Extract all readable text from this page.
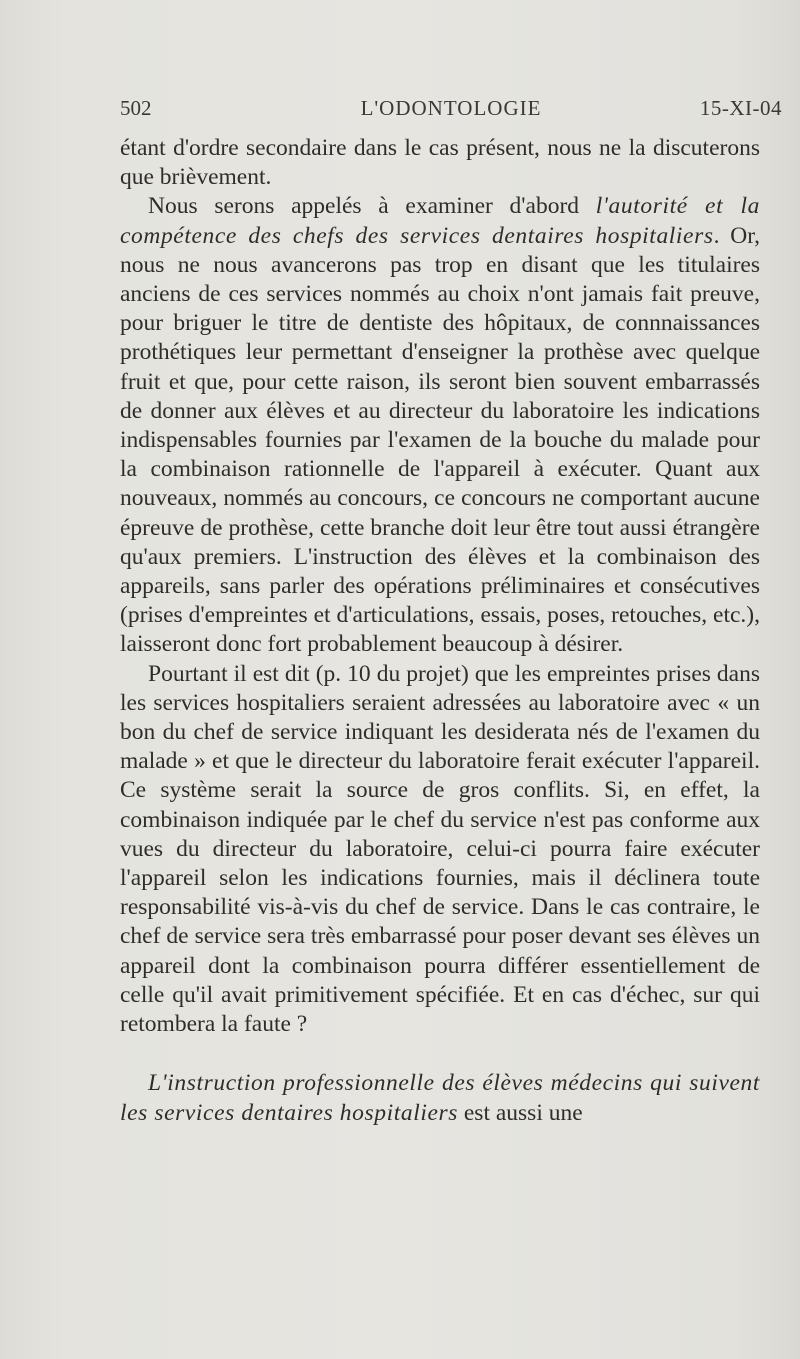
502	L'ODONTOLOGIE	15-XI-04

étant d'ordre secondaire dans le cas présent, nous ne la discuterons que brièvement.

Nous serons appelés à examiner d'abord l'autorité et la compétence des chefs des services dentaires hospitaliers. Or, nous ne nous avancerons pas trop en disant que les titulaires anciens de ces services nommés au choix n'ont jamais fait preuve, pour briguer le titre de dentiste des hôpitaux, de connnaissances prothétiques leur permettant d'enseigner la prothèse avec quelque fruit et que, pour cette raison, ils seront bien souvent embarrassés de donner aux élèves et au directeur du laboratoire les indications indispensables fournies par l'examen de la bouche du malade pour la combinaison rationnelle de l'appareil à exécuter. Quant aux nouveaux, nommés au concours, ce concours ne comportant aucune épreuve de prothèse, cette branche doit leur être tout aussi étrangère qu'aux premiers. L'instruction des élèves et la combinaison des appareils, sans parler des opérations préliminaires et consécutives (prises d'empreintes et d'articulations, essais, poses, retouches, etc.), laisseront donc fort probablement beaucoup à désirer.

Pourtant il est dit (p. 10 du projet) que les empreintes prises dans les services hospitaliers seraient adressées au laboratoire avec « un bon du chef de service indiquant les desiderata nés de l'examen du malade » et que le directeur du laboratoire ferait exécuter l'appareil. Ce système serait la source de gros conflits. Si, en effet, la combinaison indiquée par le chef du service n'est pas conforme aux vues du directeur du laboratoire, celui-ci pourra faire exécuter l'appareil selon les indications fournies, mais il déclinera toute responsabilité vis-à-vis du chef de service. Dans le cas contraire, le chef de service sera très embarrassé pour poser devant ses élèves un appareil dont la combinaison pourra différer essentiellement de celle qu'il avait primitivement spécifiée. Et en cas d'échec, sur qui retombera la faute ?

L'instruction professionnelle des élèves médecins qui suivent les services dentaires hospitaliers est aussi une
